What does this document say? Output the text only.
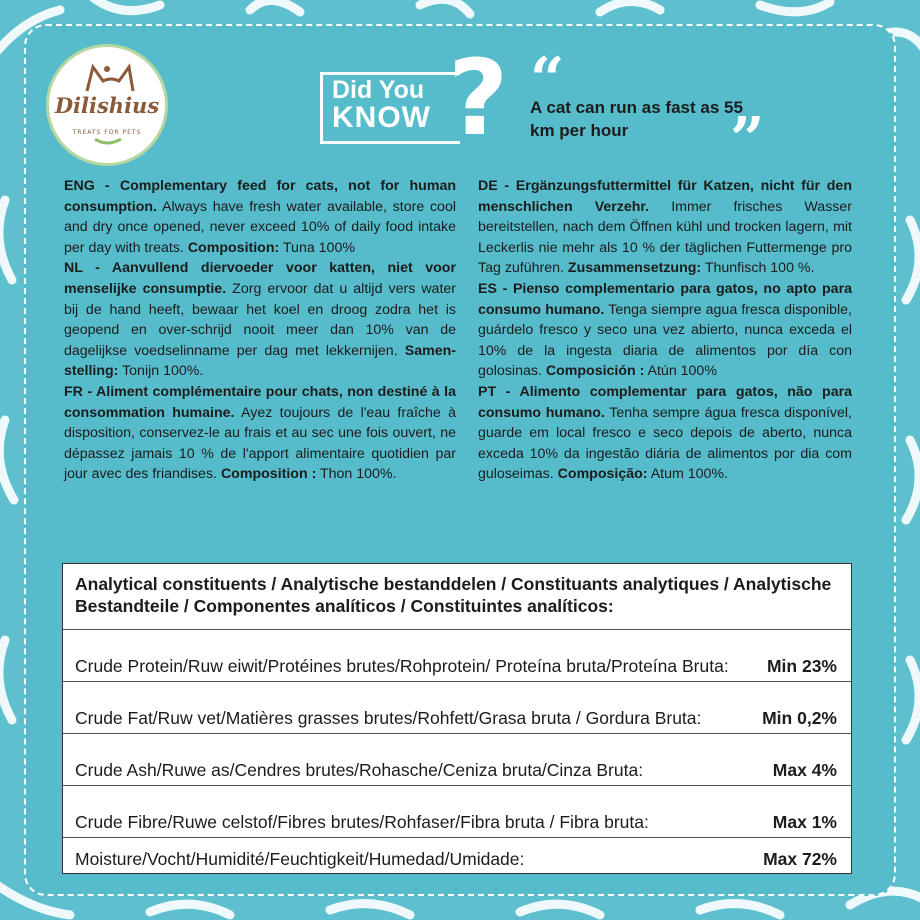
Dilishius
TREATS FOR PETS
Did You
KNOW ? “
A cat can run as fast as 55 km per hour	”

ENG - Complementary feed for cats, not for human consumption. Always have fresh water available, store cool and dry once opened, never exceed 10% of daily food intake per day with treats. Composition: Tuna 100%

NL - Aanvullend diervoeder voor katten, niet voor menselijke consumptie. Zorg ervoor dat u altijd vers water bij de hand heeft, bewaar het koel en droog zodra het is geopend en over-schrijd nooit meer dan 10% van de dagelijkse voedselinname per dag met lekkernijen. Samen-stelling: Tonijn 100%.

FR - Aliment complémentaire pour chats, non destiné à la consommation humaine. Ayez toujours de l'eau fraîche à disposition, conservez-le au frais et au sec une fois ouvert, ne dépassez jamais 10 % de l'apport alimentaire quotidien par jour avec des friandises. Composition : Thon 100%.

DE - Ergänzungsfuttermittel für Katzen, nicht für den menschlichen Verzehr. Immer frisches Wasser bereitstellen, nach dem Öffnen kühl und trocken lagern, mit Leckerlis nie mehr als 10 % der täglichen Futtermenge pro Tag zuführen. Zusammensetzung: Thunfisch 100 %.

ES - Pienso complementario para gatos, no apto para consumo humano. Tenga siempre agua fresca disponible, guárdelo fresco y seco una vez abierto, nunca exceda el 10% de la ingesta diaria de alimentos por día con golosinas. Composición : Atún 100%

PT - Alimento complementar para gatos, não para consumo humano. Tenha sempre água fresca disponível, guarde em local fresco e seco depois de aberto, nunca exceda 10% da ingestão diária de alimentos por dia com guloseimas. Composição: Atum 100%.

Analytical constituents / Analytische bestanddelen / Constituants analytiques / Analytische Bestandteile / Componentes analíticos / Constituintes analíticos:
Crude Protein/Ruw eiwit/Protéines brutes/Rohprotein/ Proteína bruta/Proteína Bruta:	Min 23%
Crude Fat/Ruw vet/Matières grasses brutes/Rohfett/Grasa bruta / Gordura Bruta:	Min 0,2%
Crude Ash/Ruwe as/Cendres brutes/Rohasche/Ceniza bruta/Cinza Bruta:	Max 4%
Crude Fibre/Ruwe celstof/Fibres brutes/Rohfaser/Fibra bruta / Fibra bruta:	Max 1%
Moisture/Vocht/Humidité/Feuchtigkeit/Humedad/Umidade:	Max 72%
